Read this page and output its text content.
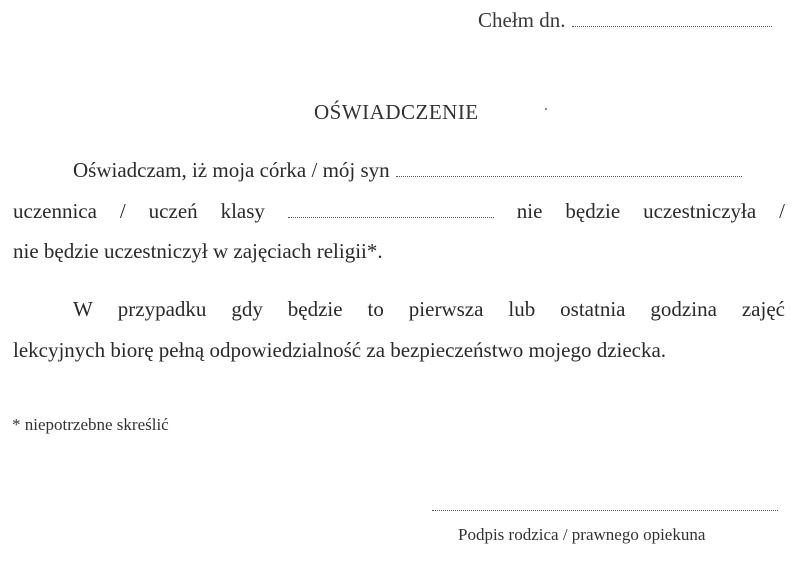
Chełm dn.
OŚWIADCZENIE
Oświadczam, iż moja córka / mój syn
uczennica / uczeń klasy	nie będzie uczestniczyła /
nie będzie uczestniczył w zajęciach religii*.
W przypadku gdy będzie to pierwsza lub ostatnia godzina zajęć
lekcyjnych biorę pełną odpowiedzialność za bezpieczeństwo mojego dziecka.
* niepotrzebne skreślić
Podpis rodzica / prawnego opiekuna
